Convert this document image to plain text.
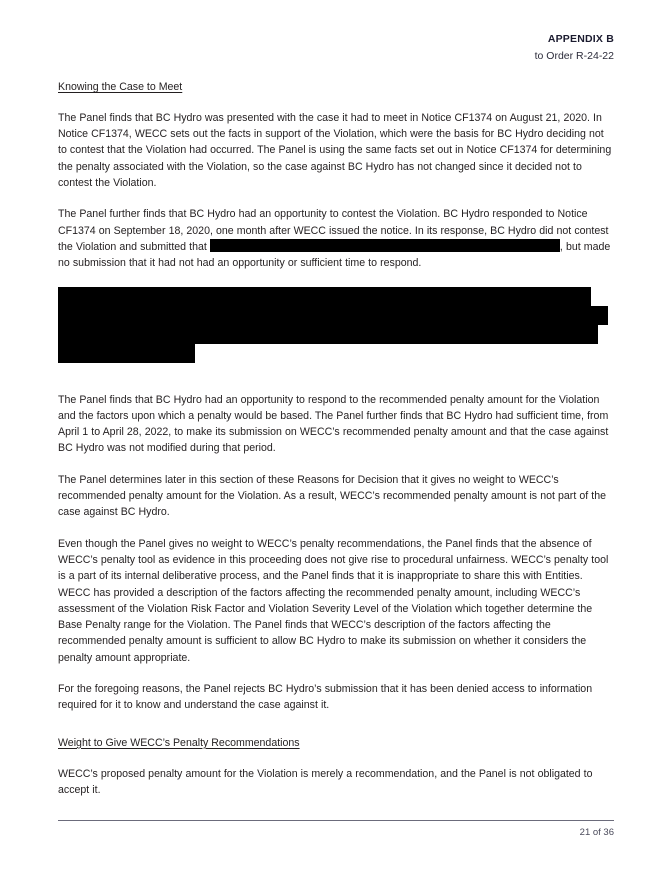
APPENDIX B
to Order R-24-22
Knowing the Case to Meet

The Panel finds that BC Hydro was presented with the case it had to meet in Notice CF1374 on August 21, 2020. In Notice CF1374, WECC sets out the facts in support of the Violation, which were the basis for BC Hydro deciding not to contest that the Violation had occurred. The Panel is using the same facts set out in Notice CF1374 for determining the penalty associated with the Violation, so the case against BC Hydro has not changed since it decided not to contest the Violation.

The Panel further finds that BC Hydro had an opportunity to contest the Violation. BC Hydro responded to Notice CF1374 on September 18, 2020, one month after WECC issued the notice. In its response, BC Hydro did not contest the Violation and submitted that	, but made no submission that it had not had an opportunity or sufficient time to respond.

The Panel finds that BC Hydro had an opportunity to respond to the recommended penalty amount for the Violation and the factors upon which a penalty would be based. The Panel further finds that BC Hydro had sufficient time, from April 1 to April 28, 2022, to make its submission on WECC’s recommended penalty amount and that the case against BC Hydro was not modified during that period.

The Panel determines later in this section of these Reasons for Decision that it gives no weight to WECC’s recommended penalty amount for the Violation. As a result, WECC’s recommended penalty amount is not part of the case against BC Hydro.

Even though the Panel gives no weight to WECC’s penalty recommendations, the Panel finds that the absence of WECC’s penalty tool as evidence in this proceeding does not give rise to procedural unfairness. WECC’s penalty tool is a part of its internal deliberative process, and the Panel finds that it is inappropriate to share this with Entities. WECC has provided a description of the factors affecting the recommended penalty amount, including WECC’s assessment of the Violation Risk Factor and Violation Severity Level of the Violation which together determine the Base Penalty range for the Violation. The Panel finds that WECC’s description of the factors affecting the recommended penalty amount is sufficient to allow BC Hydro to make its submission on whether it considers the penalty amount appropriate.

For the foregoing reasons, the Panel rejects BC Hydro’s submission that it has been denied access to information required for it to know and understand the case against it.

Weight to Give WECC’s Penalty Recommendations

WECC’s proposed penalty amount for the Violation is merely a recommendation, and the Panel is not obligated to accept it.

21 of 36
